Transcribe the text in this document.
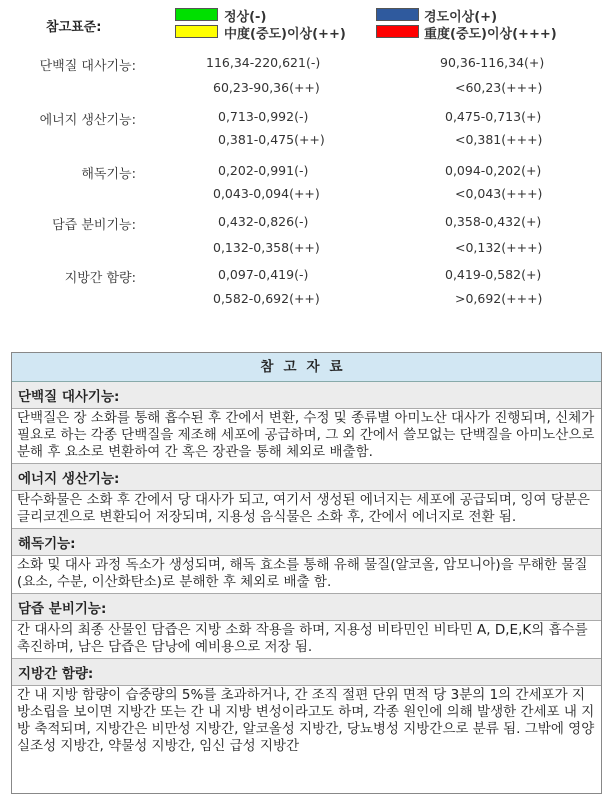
참고표준:
정상(-)	경도이상(+)
中度(중도)이상(++)	重度(중도)이상(+++)
단백질 대사기능:	116,34-220,621(-)	90,36-116,34(+)
60,23-90,36(++)	<60,23(+++)
에너지 생산기능:	0,713-0,992(-)	0,475-0,713(+)
0,381-0,475(++)	<0,381(+++)
해독기능:	0,202-0,991(-)	0,094-0,202(+)
0,043-0,094(++)	<0,043(+++)
담즙 분비기능:	0,432-0,826(-)	0,358-0,432(+)
0,132-0,358(++)	<0,132(+++)
지방간 함량:	0,097-0,419(-)	0,419-0,582(+)
0,582-0,692(++)	>0,692(+++)
참고자료
단백질 대사기능:
단백질은 장 소화를 통해 흡수된 후 간에서 변환, 수정 및 종류별 아미노산 대사가 진행되며, 신체가 필요로 하는 각종 단백질을 제조해 세포에 공급하며, 그 외 간에서 쓸모없는 단백질을 아미노산으로 분해 후 요소로 변환하여 간 혹은 장관을 통해 체외로 배출함.
에너지 생산기능:
탄수화물은 소화 후 간에서 당 대사가 되고, 여기서 생성된 에너지는 세포에 공급되며, 잉여 당분은 글리코겐으로 변환되어 저장되며, 지용성 음식물은 소화 후, 간에서 에너지로 전환 됨.
해독기능:
소화 및 대사 과정 독소가 생성되며, 해독 효소를 통해 유해 물질(알코올, 암모니아)을 무해한 물질(요소, 수분, 이산화탄소)로 분해한 후 체외로 배출 함.
담즙 분비기능:
간 대사의 최종 산물인 담즙은 지방 소화 작용을 하며, 지용성 비타민인 비타민 A, D,E,K의 흡수를 촉진하며, 남은 담즙은 담낭에 예비용으로 저장 됨.
지방간 함량:
간 내 지방 함량이 습중량의 5%를 초과하거나, 간 조직 절편 단위 면적 당 3분의 1의 간세포가 지방소립을 보이면 지방간 또는 간 내 지방 변성이라고도 하며, 각종 원인에 의해 발생한 간세포 내 지방 축적되며, 지방간은 비만성 지방간, 알코올성 지방간, 당뇨병성 지방간으로 분류 됨. 그밖에 영양실조성 지방간, 약물성 지방간, 임신 급성 지방간
